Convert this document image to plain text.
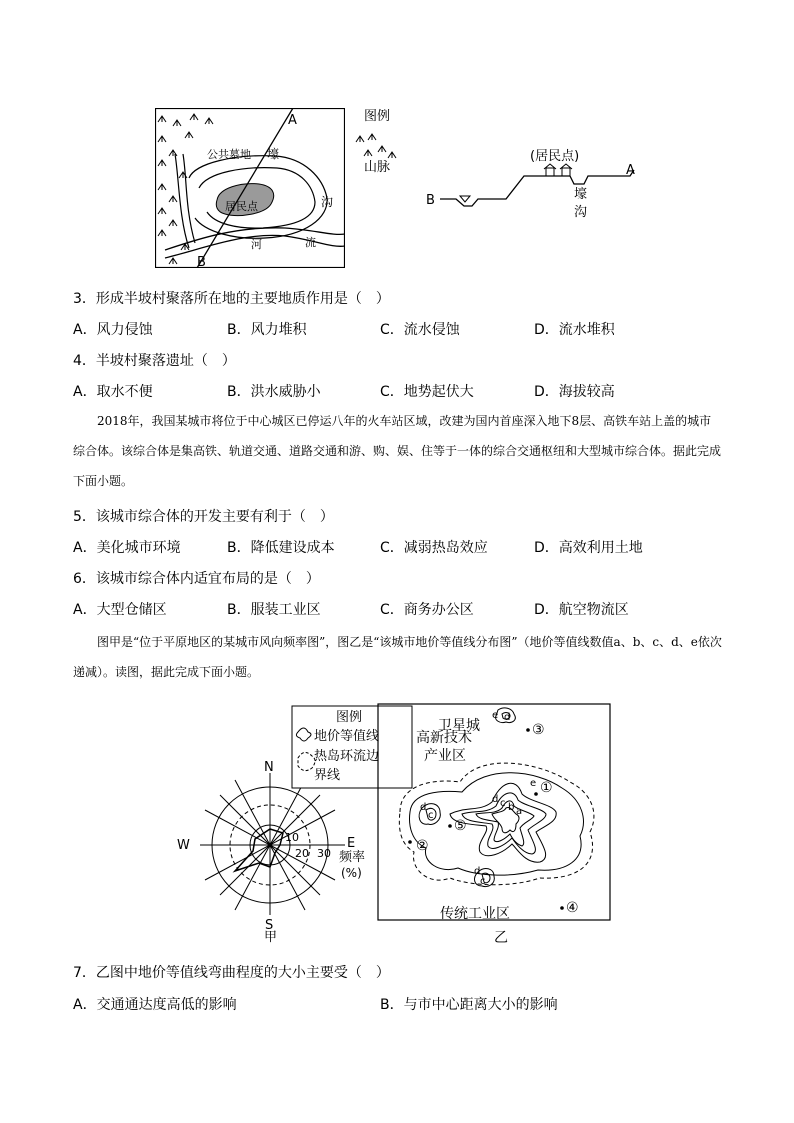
A
B
公共墓地 壕
沟
居民点
河	流
图例
山脉
(居民点)
B
A
壕
沟
3．形成半坡村聚落所在地的主要地质作用是（　）
A．风力侵蚀	B．风力堆积	C．流水侵蚀	D．流水堆积
4．半坡村聚落遗址（　）
A．取水不便	B．洪水威胁小	C．地势起伏大	D．海拔较高
2018年，我国某城市将位于中心城区已停运八年的火车站区域，改建为国内首座深入地下8层、高铁车站上盖的城市综合体。该综合体是集高铁、轨道交通、道路交通和游、购、娱、住等于一体的综合交通枢纽和大型城市综合体。据此完成下面小题。
5．该城市综合体的开发主要有利于（　）
A．美化城市环境	B．降低建设成本	C．减弱热岛效应	D．高效利用土地
6．该城市综合体内适宜布局的是（　）
A．大型仓储区	B．服装工业区	C．商务办公区	D．航空物流区
图甲是“位于平原地区的某城市风向频率图”，图乙是“该城市地价等值线分布图”（地价等值线数值a、b、c、d、e依次递减）。读图，据此完成下面小题。
N
S
W	E
10
20 30 频率
(%)
甲
图例
地价等值线
热岛环流边
界线
卫星城
高新技术
产业区
传统工业区
乙
e d
d
c
e
d c b a
d
c
③
①
⑤
②
④
7．乙图中地价等值线弯曲程度的大小主要受（　）
A．交通通达度高低的影响	B．与市中心距离大小的影响
